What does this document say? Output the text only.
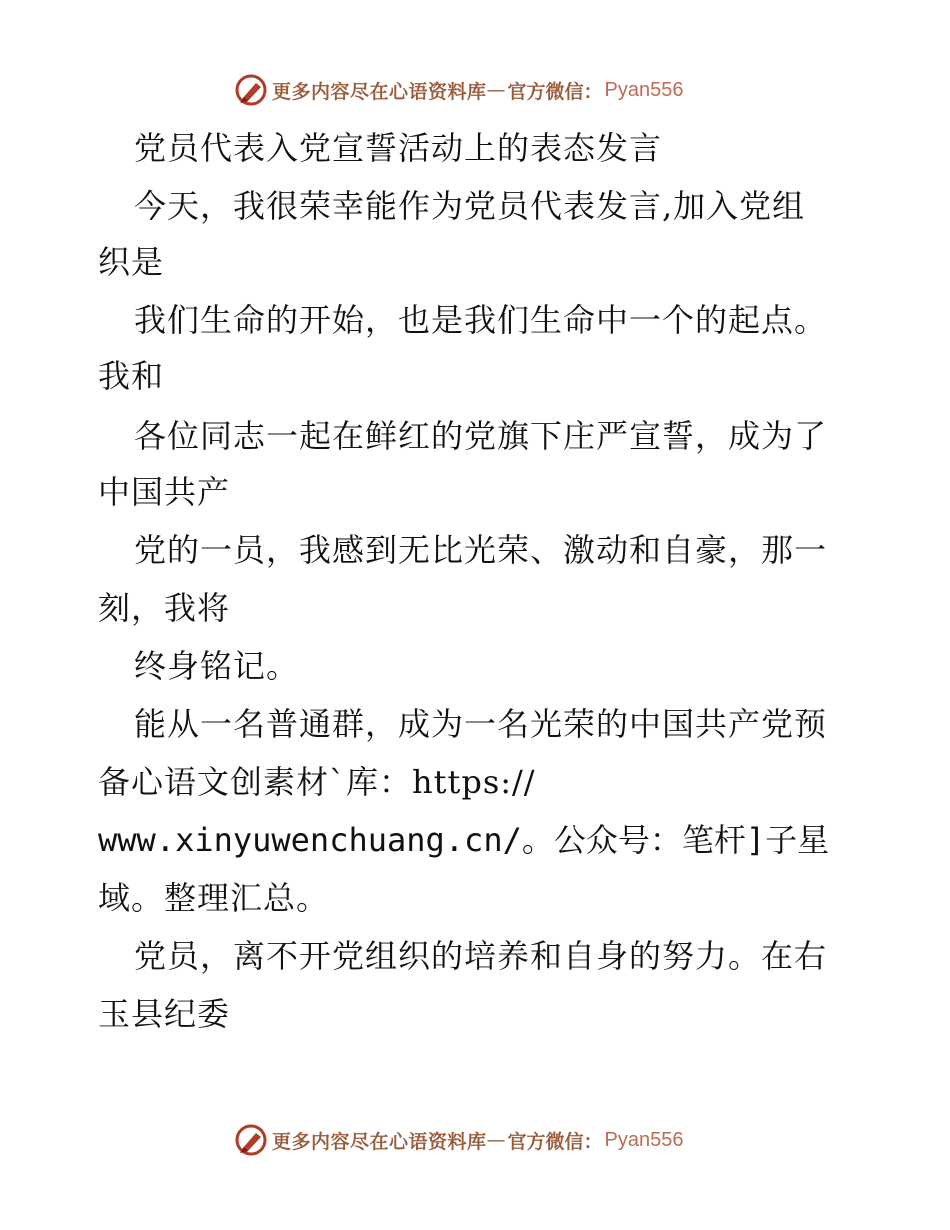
更多内容尽在心语资料库 — 官方微信： Pyan556
党员代表入党宣誓活动上的表态发言
今天，我很荣幸能作为党员代表发言,加入党组
织是
我们生命的开始，也是我们生命中一个的起点。
我和
各位同志一起在鲜红的党旗下庄严宣誓，成为了
中国共产
党的一员，我感到无比光荣、激动和自豪，那一
刻，我将
终身铭记。
能从一名普通群，成为一名光荣的中国共产党预
备心语文创素材`库：https://
www.xinyuwenchuang.cn/。公众号：笔杆]子星
域。整理汇总。
党员，离不开党组织的培养和自身的努力。在右
玉县纪委
更多内容尽在心语资料库 — 官方微信： Pyan556
